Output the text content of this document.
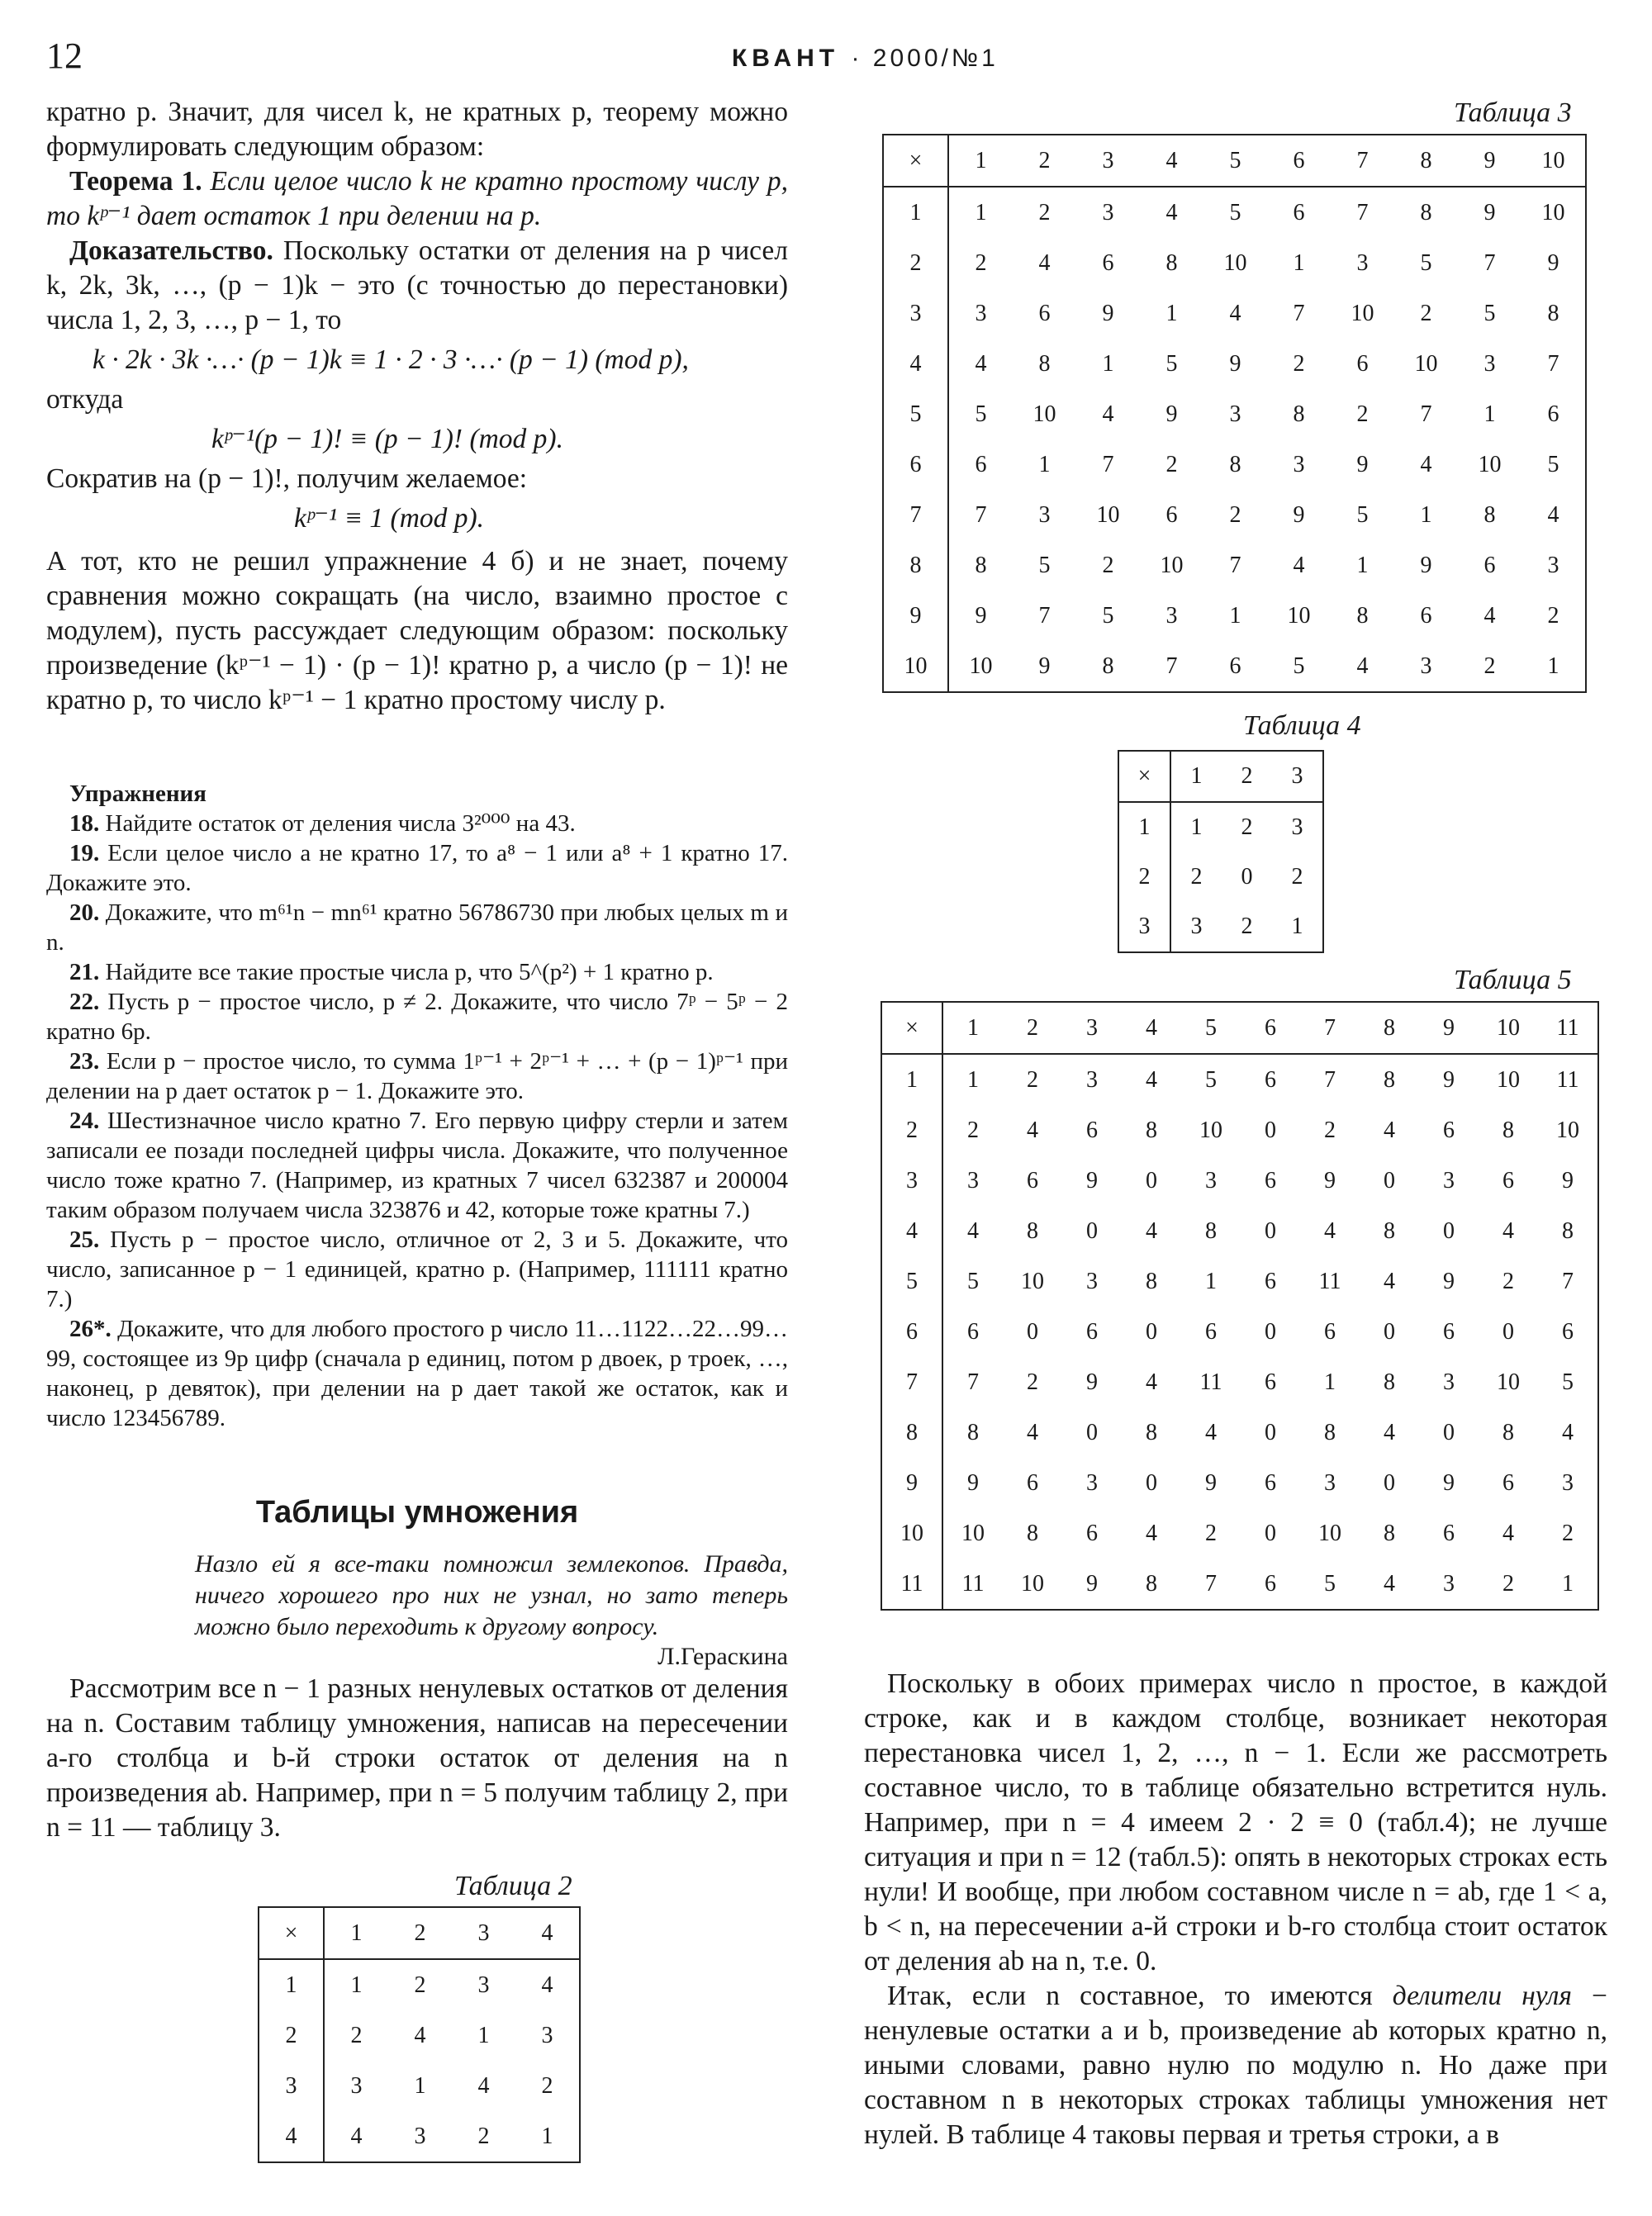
12	КВАНТ · 2000/№1

кратно p. Значит, для чисел k, не кратных p, теорему можно формулировать следующим образом:

Теорема 1. Если целое число k не кратно простому числу p, то kᵖ⁻¹ дает остаток 1 при делении на p.

Доказательство. Поскольку остатки от деления на p чисел k, 2k, 3k, …, (p − 1)k − это (с точностью до перестановки) числа 1, 2, 3, …, p − 1, то

k · 2k · 3k ·…· (p − 1)k ≡ 1 · 2 · 3 ·…· (p − 1) (mod p),

откуда

kᵖ⁻¹(p − 1)! ≡ (p − 1)! (mod p).

Сократив на (p − 1)!, получим желаемое:

kᵖ⁻¹ ≡ 1 (mod p).

А тот, кто не решил упражнение 4 б) и не знает, почему сравнения можно сокращать (на число, взаимно простое с модулем), пусть рассуждает следующим образом: поскольку произведение (kᵖ⁻¹ − 1) · (p − 1)! кратно p, а число (p − 1)! не кратно p, то число kᵖ⁻¹ − 1 кратно простому числу p.

Упражнения

18. Найдите остаток от деления числа 3²⁰⁰⁰ на 43.

19. Если целое число a не кратно 17, то a⁸ − 1 или a⁸ + 1 кратно 17. Докажите это.

20. Докажите, что m⁶¹n − mn⁶¹ кратно 56786730 при любых целых m и n.

21. Найдите все такие простые числа p, что 5^(p²) + 1 кратно p.

22. Пусть p − простое число, p ≠ 2. Докажите, что число 7ᵖ − 5ᵖ − 2 кратно 6p.

23. Если p − простое число, то сумма 1ᵖ⁻¹ + 2ᵖ⁻¹ + … + (p − 1)ᵖ⁻¹ при делении на p дает остаток p − 1. Докажите это.

24. Шестизначное число кратно 7. Его первую цифру стерли и затем записали ее позади последней цифры числа. Докажите, что полученное число тоже кратно 7. (Например, из кратных 7 чисел 632387 и 200004 таким образом получаем числа 323876 и 42, которые тоже кратны 7.)

25. Пусть p − простое число, отличное от 2, 3 и 5. Докажите, что число, записанное p − 1 единицей, кратно p. (Например, 111111 кратно 7.)

26*. Докажите, что для любого простого p число 11…1122…22…99…99, состоящее из 9p цифр (сначала p единиц, потом p двоек, p троек, …, наконец, p девяток), при делении на p дает такой же остаток, как и число 123456789.

Таблицы умножения
Назло ей я все-таки помножил землекопов. Правда, ничего хорошего про них не узнал, но зато теперь можно было переходить к другому вопросу.
Л.Гераскина

Рассмотрим все n − 1 разных ненулевых остатков от деления на n. Составим таблицу умножения, написав на пересечении a-го столбца и b-й строки остаток от деления на n произведения ab. Например, при n = 5 получим таблицу 2, при n = 11 — таблицу 3.

Таблица 2
×	1	2	3	4
1	1	2	3	4
2	2	4	1	3
3	3	1	4	2
4	4	3	2	1
Таблица 3
×	1	2	3	4	5	6	7	8	9	10
1	1	2	3	4	5	6	7	8	9	10
2	2	4	6	8	10	1	3	5	7	9
3	3	6	9	1	4	7	10	2	5	8
4	4	8	1	5	9	2	6	10	3	7
5	5	10	4	9	3	8	2	7	1	6
6	6	1	7	2	8	3	9	4	10	5
7	7	3	10	6	2	9	5	1	8	4
8	8	5	2	10	7	4	1	9	6	3
9	9	7	5	3	1	10	8	6	4	2
10	10	9	8	7	6	5	4	3	2	1
Таблица 4
×	1	2	3
1	1	2	3
2	2	0	2
3	3	2	1
Таблица 5
×	1	2	3	4	5	6	7	8	9	10	11
1	1	2	3	4	5	6	7	8	9	10	11
2	2	4	6	8	10	0	2	4	6	8	10
3	3	6	9	0	3	6	9	0	3	6	9
4	4	8	0	4	8	0	4	8	0	4	8
5	5	10	3	8	1	6	11	4	9	2	7
6	6	0	6	0	6	0	6	0	6	0	6
7	7	2	9	4	11	6	1	8	3	10	5
8	8	4	0	8	4	0	8	4	0	8	4
9	9	6	3	0	9	6	3	0	9	6	3
10	10	8	6	4	2	0	10	8	6	4	2
11	11	10	9	8	7	6	5	4	3	2	1

Поскольку в обоих примерах число n простое, в каждой строке, как и в каждом столбце, возникает некоторая перестановка чисел 1, 2, …, n − 1. Если же рассмотреть составное число, то в таблице обязательно встретится нуль. Например, при n = 4 имеем 2 · 2 ≡ 0 (табл.4); не лучше ситуация и при n = 12 (табл.5): опять в некоторых строках есть нули! И вообще, при любом составном числе n = ab, где 1 < a, b < n, на пересечении a-й строки и b-го столбца стоит остаток от деления ab на n, т.е. 0.

Итак, если n составное, то имеются делители нуля − ненулевые остатки a и b, произведение ab которых кратно n, иными словами, равно нулю по модулю n. Но даже при составном n в некоторых строках таблицы умножения нет нулей. В таблице 4 таковы первая и третья строки, а в
